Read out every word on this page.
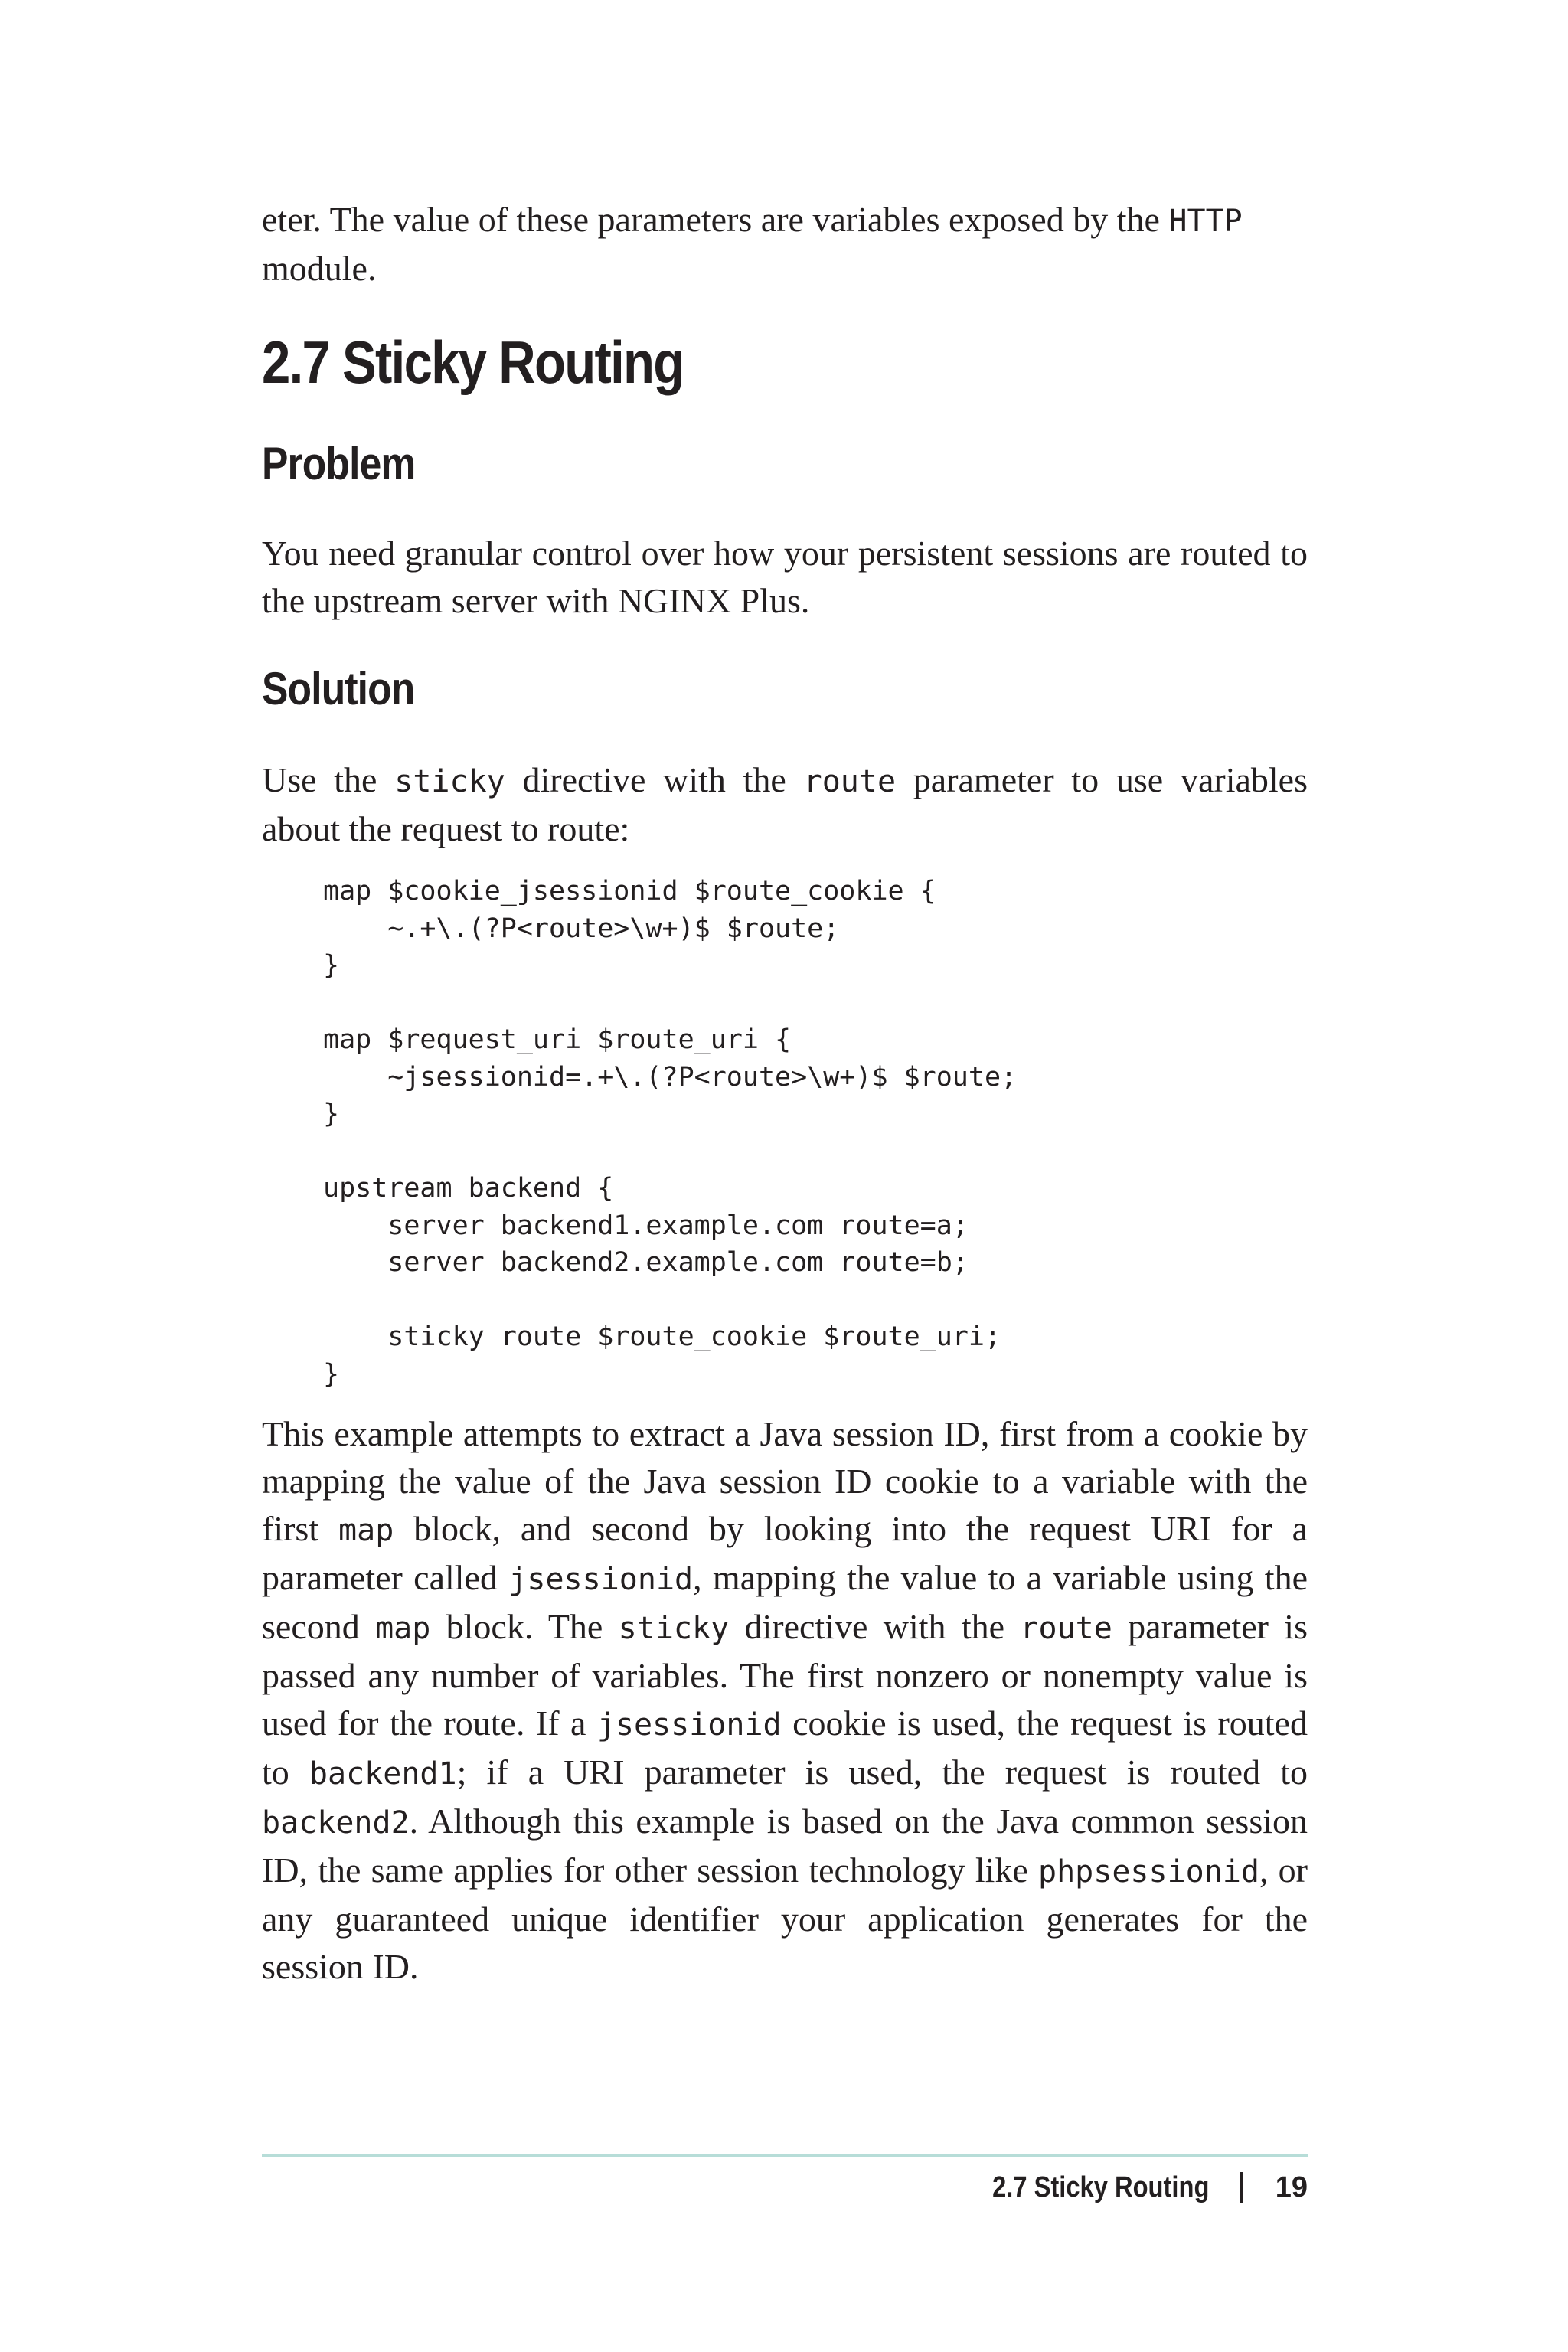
eter. The value of these parameters are variables exposed by the HTTP
module.

2.7 Sticky Routing
Problem

You need granular control over how your persistent sessions are routed to the upstream server with NGINX Plus.

Solution

Use the sticky directive with the route parameter to use variables about the request to route:

map $cookie_jsessionid $route_cookie {
~.+\.(?P<route>\w+)$ $route;
}

map $request_uri $route_uri {
~jsessionid=.+\.(?P<route>\w+)$ $route;
}

upstream backend {
server backend1.example.com route=a;
server backend2.example.com route=b;

sticky route $route_cookie $route_uri;
}

This example attempts to extract a Java session ID, first from a cookie by mapping the value of the Java session ID cookie to a variable with the first map block, and second by looking into the request URI for a parameter called jsessionid, mapping the value to a variable using the second map block. The sticky directive with the route parameter is passed any number of variables. The first nonzero or nonempty value is used for the route. If a jsessionid cookie is used, the request is routed to backend1; if a URI parameter is used, the request is routed to backend2. Although this example is based on the Java common session ID, the same applies for other session technology like phpsessionid, or any guaranteed unique identifier your application generates for the session ID.

2.7 Sticky Routing 19
